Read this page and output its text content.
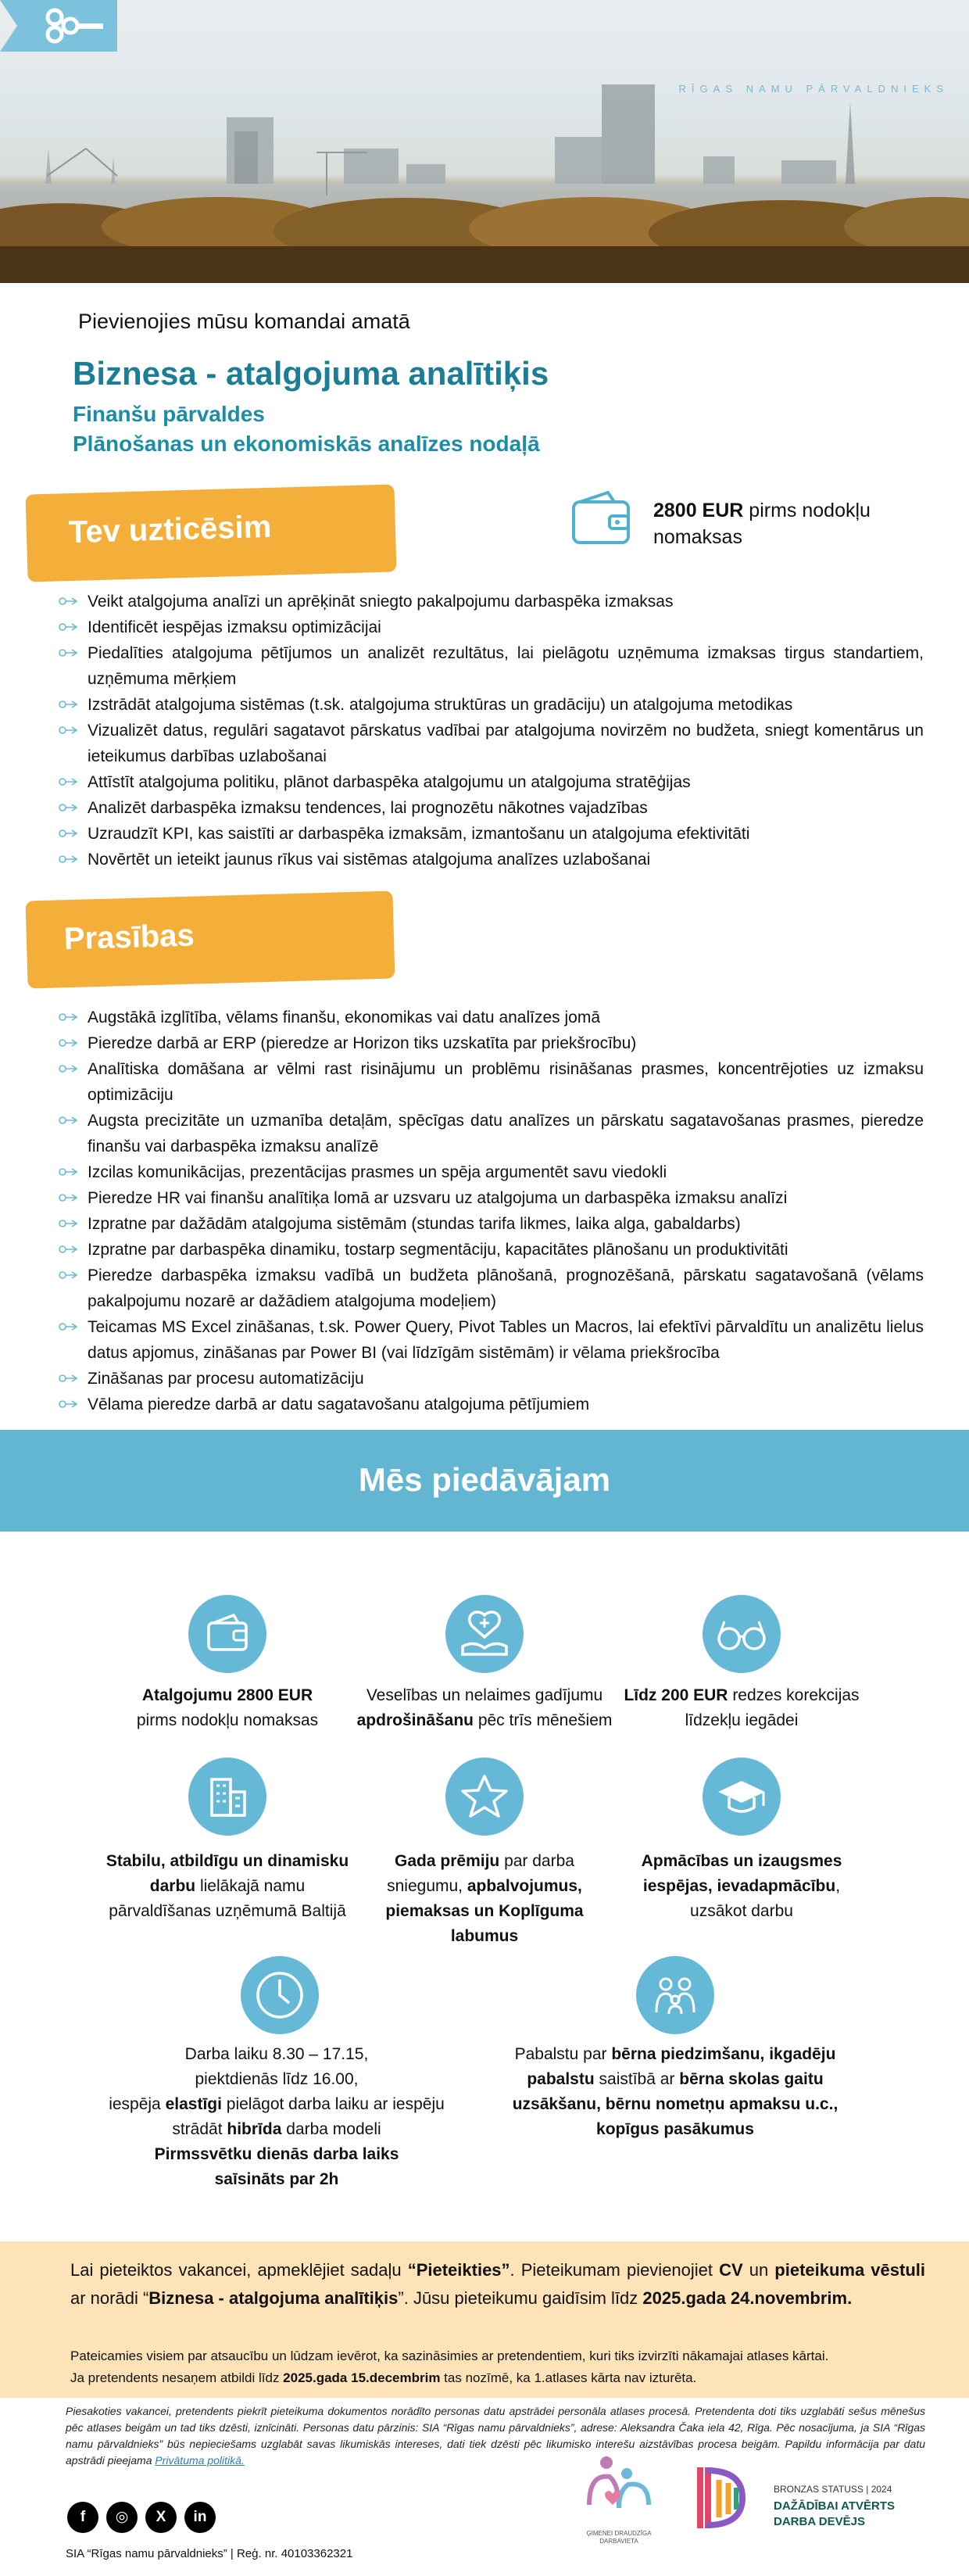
RĪGAS NAMU PĀRVALDNIEKS
Pievienojies mūsu komandai amatā
Biznesa - atalgojuma analītiķis
Finanšu pārvaldes
Plānošanas un ekonomiskās analīzes nodaļā
Tev uzticēsim	2800 EUR pirms nodokļu nomaksas
Veikt atalgojuma analīzi un aprēķināt sniegto pakalpojumu darbaspēka izmaksas
Identificēt iespējas izmaksu optimizācijai
Piedalīties atalgojuma pētījumos un analizēt rezultātus, lai pielāgotu uzņēmuma izmaksas tirgus standartiem, uzņēmuma mērķiem
Izstrādāt atalgojuma sistēmas (t.sk. atalgojuma struktūras un gradāciju) un atalgojuma metodikas
Vizualizēt datus, regulāri sagatavot pārskatus vadībai par atalgojuma novirzēm no budžeta, sniegt komentārus un ieteikumus darbības uzlabošanai
Attīstīt atalgojuma politiku, plānot darbaspēka atalgojumu un atalgojuma stratēģijas
Analizēt darbaspēka izmaksu tendences, lai prognozētu nākotnes vajadzības
Uzraudzīt KPI, kas saistīti ar darbaspēka izmaksām, izmantošanu un atalgojuma efektivitāti
Novērtēt un ieteikt jaunus rīkus vai sistēmas atalgojuma analīzes uzlabošanai
Prasības
Augstākā izglītība, vēlams finanšu, ekonomikas vai datu analīzes jomā
Pieredze darbā ar ERP (pieredze ar Horizon tiks uzskatīta par priekšrocību)
Analītiska domāšana ar vēlmi rast risinājumu un problēmu risināšanas prasmes, koncentrējoties uz izmaksu optimizāciju
Augsta precizitāte un uzmanība detaļām, spēcīgas datu analīzes un pārskatu sagatavošanas prasmes, pieredze finanšu vai darbaspēka izmaksu analīzē
Izcilas komunikācijas, prezentācijas prasmes un spēja argumentēt savu viedokli
Pieredze HR vai finanšu analītiķa lomā ar uzsvaru uz atalgojuma un darbaspēka izmaksu analīzi
Izpratne par dažādām atalgojuma sistēmām (stundas tarifa likmes, laika alga, gabaldarbs)
Izpratne par darbaspēka dinamiku, tostarp segmentāciju, kapacitātes plānošanu un produktivitāti
Pieredze darbaspēka izmaksu vadībā un budžeta plānošanā, prognozēšanā, pārskatu sagatavošanā (vēlams pakalpojumu nozarē ar dažādiem atalgojuma modeļiem)
Teicamas MS Excel zināšanas, t.sk. Power Query, Pivot Tables un Macros, lai efektīvi pārvaldītu un analizētu lielus datus apjomus, zināšanas par Power BI (vai līdzīgām sistēmām) ir vēlama priekšrocība
Zināšanas par procesu automatizāciju
Vēlama pieredze darbā ar datu sagatavošanu atalgojuma pētījumiem
Mēs piedāvājam
Atalgojumu 2800 EUR
pirms nodokļu nomaksas
Veselības un nelaimes gadījumu apdrošināšanu pēc trīs mēnešiem
Līdz 200 EUR redzes korekcijas līdzekļu iegādei
Stabilu, atbildīgu un dinamisku darbu lielākajā namu pārvaldīšanas uzņēmumā Baltijā
Gada prēmiju par darba sniegumu, apbalvojumus, piemaksas un Koplīguma labumus
Apmācības un izaugsmes iespējas, ievadapmācību, uzsākot darbu
Darba laiku 8.30 – 17.15,
piektdienās līdz 16.00,
iespēja elastīgi pielāgot darba laiku ar iespēju
strādāt hibrīda darba modeli
Pirmssvētku dienās darba laiks
saīsināts par 2h
Pabalstu par bērna piedzimšanu, ikgadēju pabalstu saistībā ar bērna skolas gaitu uzsākšanu, bērnu nometņu apmaksu u.c., kopīgus pasākumus
Lai pieteiktos vakancei, apmeklējiet sadaļu “Pieteikties”. Pieteikumam pievienojiet CV un pieteikuma vēstuli ar norādi “Biznesa - atalgojuma analītiķis”. Jūsu pieteikumu gaidīsim līdz 2025.gada 24.novembrim.
Pateicamies visiem par atsaucību un lūdzam ievērot, ka sazināsimies ar pretendentiem, kuri tiks izvirzīti nākamajai atlases kārtai.
Ja pretendents nesaņem atbildi līdz 2025.gada 15.decembrim tas nozīmē, ka 1.atlases kārta nav izturēta.
Piesakoties vakancei, pretendents piekrīt pieteikuma dokumentos norādīto personas datu apstrādei personāla atlases procesā. Pretendenta doti tiks uzglabāti sešus mēnešus pēc atlases beigām un tad tiks dzēsti, iznīcināti. Personas datu pārzinis: SIA “Rīgas namu pārvaldnieks”, adrese: Aleksandra Čaka iela 42, Rīga. Pēc nosacījuma, ja SIA “Rīgas namu pārvaldnieks” būs nepieciešams uzglabāt savas likumiskās intereses, dati tiek dzēsti pēc likumisko interešu aizstāvības procesa beigām. Papildu informācija par datu apstrādi pieejama Privātuma politikā.
f	◎	X	in
SIA “Rīgas namu pārvaldnieks” | Reģ. nr. 40103362321
ĢIMENEI DRAUDZĪGA DARBAVIETA
BRONZAS STATUSS | 2024
DAŽĀDĪBAI ATVĒRTS
DARBA DEVĒJS
